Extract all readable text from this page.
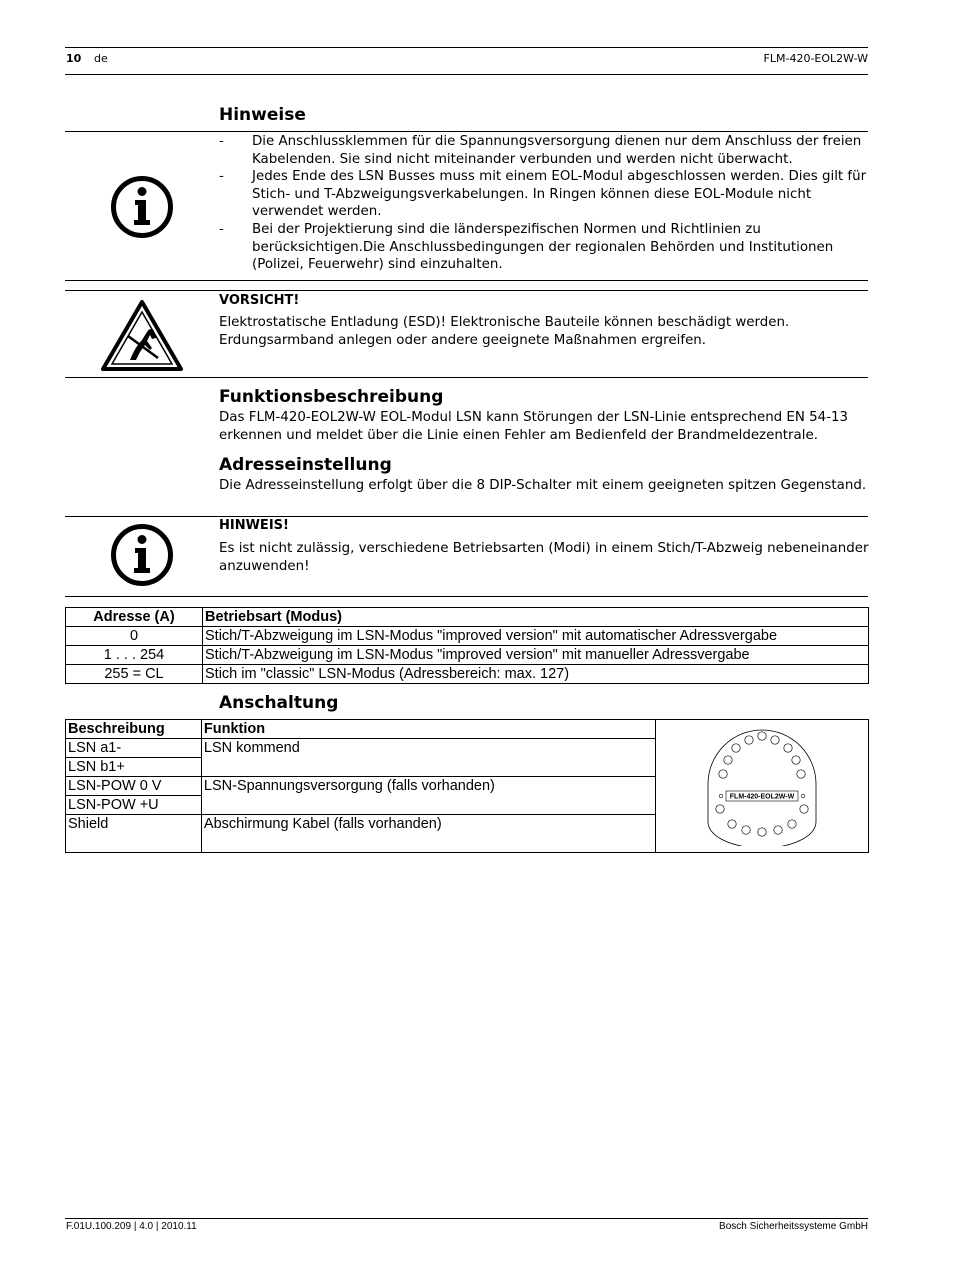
10 de	FLM-420-EOL2W-W
Hinweise
- Die Anschlussklemmen für die Spannungsversorgung dienen nur dem Anschluss der freien Kabelenden. Sie sind nicht miteinander verbunden und werden nicht überwacht.
- Jedes Ende des LSN Busses muss mit einem EOL-Modul abgeschlossen werden. Dies gilt für Stich- und T-Abzweigungsverkabelungen. In Ringen können diese EOL-Module nicht verwendet werden.
- Bei der Projektierung sind die länderspezifischen Normen und Richtlinien zu berücksichtigen.Die Anschlussbedingungen der regionalen Behörden und Institutionen (Polizei, Feuerwehr) sind einzuhalten.
VORSICHT!
Elektrostatische Entladung (ESD)! Elektronische Bauteile können beschädigt werden. Erdungsarmband anlegen oder andere geeignete Maßnahmen ergreifen.
Funktionsbeschreibung
Das FLM-420-EOL2W-W EOL-Modul LSN kann Störungen der LSN-Linie entsprechend EN 54-13 erkennen und meldet über die Linie einen Fehler am Bedienfeld der Brandmeldezentrale.
Adresseinstellung
Die Adresseinstellung erfolgt über die 8 DIP-Schalter mit einem geeigneten spitzen Gegenstand.
HINWEIS!
Es ist nicht zulässig, verschiedene Betriebsarten (Modi) in einem Stich/T-Abzweig nebeneinander anzuwenden!
Adresse (A)	Betriebsart (Modus)
0	Stich/T-Abzweigung im LSN-Modus "improved version" mit automatischer Adressvergabe
1 . . . 254	Stich/T-Abzweigung im LSN-Modus "improved version" mit manueller Adressvergabe
255 = CL	Stich im "classic" LSN-Modus (Adressbereich: max. 127)
Anschaltung
Beschreibung	Funktion	FLM-420-EOL2W-W

LSN a1-	LSN kommend	
LSN b1+		
LSN-POW 0 V	LSN-Spannungsversorgung (falls vorhanden)	
LSN-POW +U		
Shield	Abschirmung Kabel (falls vorhanden)	
F.01U.100.209 | 4.0 | 2010.11	Bosch Sicherheitssysteme GmbH
